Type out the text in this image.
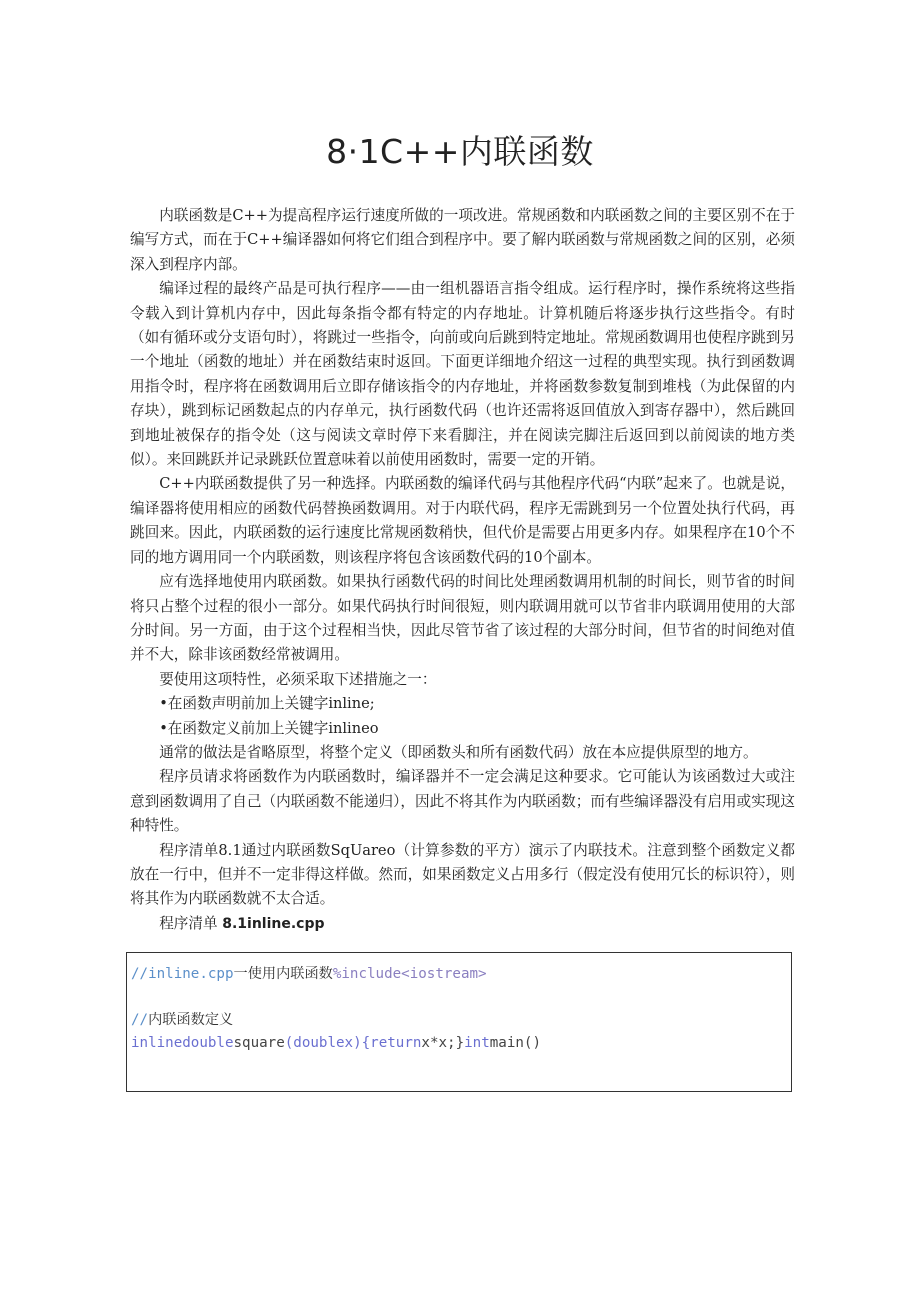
8·1C++内联函数

内联函数是C++为提高程序运行速度所做的一项改进。常规函数和内联函数之间的主要区别不在于编写方式，而在于C++编译器如何将它们组合到程序中。要了解内联函数与常规函数之间的区别，必须深入到程序内部。

编译过程的最终产品是可执行程序——由一组机器语言指令组成。运行程序时，操作系统将这些指令载入到计算机内存中，因此每条指令都有特定的内存地址。计算机随后将逐步执行这些指令。有时（如有循环或分支语句时），将跳过一些指令，向前或向后跳到特定地址。常规函数调用也使程序跳到另一个地址（函数的地址）并在函数结束时返回。下面更详细地介绍这一过程的典型实现。执行到函数调用指令时，程序将在函数调用后立即存储该指令的内存地址，并将函数参数复制到堆栈（为此保留的内存块），跳到标记函数起点的内存单元，执行函数代码（也许还需将返回值放入到寄存器中），然后跳回到地址被保存的指令处（这与阅读文章时停下来看脚注，并在阅读完脚注后返回到以前阅读的地方类似）。来回跳跃并记录跳跃位置意味着以前使用函数时，需要一定的开销。

C++内联函数提供了另一种选择。内联函数的编译代码与其他程序代码“内联”起来了。也就是说，编译器将使用相应的函数代码替换函数调用。对于内联代码，程序无需跳到另一个位置处执行代码，再跳回来。因此，内联函数的运行速度比常规函数稍快，但代价是需要占用更多内存。如果程序在10个不同的地方调用同一个内联函数，则该程序将包含该函数代码的10个副本。

应有选择地使用内联函数。如果执行函数代码的时间比处理函数调用机制的时间长，则节省的时间将只占整个过程的很小一部分。如果代码执行时间很短，则内联调用就可以节省非内联调用使用的大部分时间。另一方面，由于这个过程相当快，因此尽管节省了该过程的大部分时间，但节省的时间绝对值并不大，除非该函数经常被调用。

要使用这项特性，必须采取下述措施之一：

•在函数声明前加上关键字inline;

•在函数定义前加上关键字inlineo

通常的做法是省略原型，将整个定义（即函数头和所有函数代码）放在本应提供原型的地方。

程序员请求将函数作为内联函数时，编译器并不一定会满足这种要求。它可能认为该函数过大或注意到函数调用了自己（内联函数不能递归），因此不将其作为内联函数；而有些编译器没有启用或实现这种特性。

程序清单8.1通过内联函数SqUareo（计算参数的平方）演示了内联技术。注意到整个函数定义都放在一行中，但并不一定非得这样做。然而，如果函数定义占用多行（假定没有使用冗长的标识符），则将其作为内联函数就不太合适。

程序清单 8.1inline.cpp

//inline.cpp一使用内联函数%include<iostream>
//内联函数定义
inlinedoublesquare(doublex){returnx*x;}intmain()
